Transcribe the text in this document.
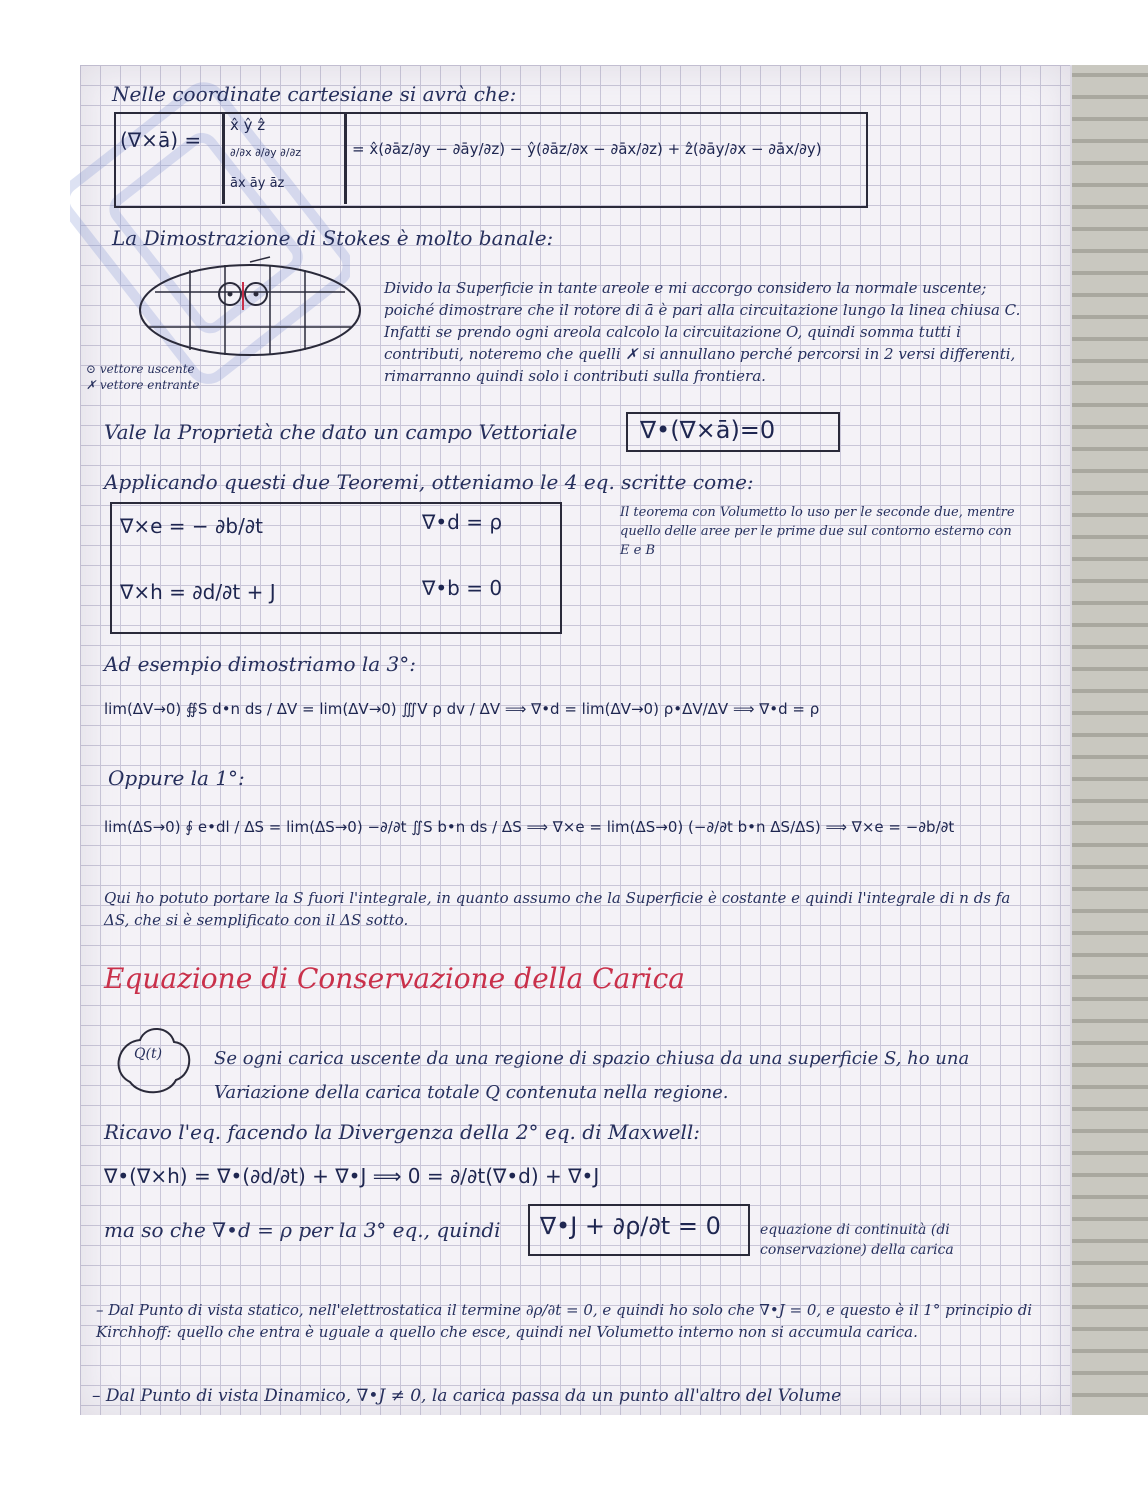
Nelle coordinate cartesiane si avrà che:

(∇×ā) =

x̂ ŷ ẑ

∂/∂x ∂/∂y ∂/∂z

āx āy āz

= x̂(∂āz/∂y − ∂āy/∂z) − ŷ(∂āz/∂x − ∂āx/∂z) + ẑ(∂āy/∂x − ∂āx/∂y)

La Dimostrazione di Stokes è molto banale:

⊙ vettore uscente

✗ vettore entrante

Divido la Superficie in tante areole e mi accorgo considero la normale uscente; poiché dimostrare che il rotore di ā è pari alla circuitazione lungo la linea chiusa C. Infatti se prendo ogni areola calcolo la circuitazione O, quindi somma tutti i contributi, noteremo che quelli ✗ si annullano perché percorsi in 2 versi differenti, rimarranno quindi solo i contributi sulla frontiera.

Vale la Proprietà che dato un campo Vettoriale	∇•(∇×ā)=0

Applicando questi due Teoremi, otteniamo le 4 eq. scritte come:

∇×e = − ∂b/∂t	∇•d = ρ

∇×h = ∂d/∂t + J	∇•b = 0

Il teorema con Volumetto lo uso per le seconde due, mentre quello delle aree per le prime due sul contorno esterno con E e B

Ad esempio dimostriamo la 3°:

lim(ΔV→0) ∯S d•n ds / ΔV = lim(ΔV→0) ∭V ρ dv / ΔV ⟹ ∇•d = lim(ΔV→0) ρ•ΔV/ΔV ⟹ ∇•d = ρ

Oppure la 1°:

lim(ΔS→0) ∮ e•dl / ΔS = lim(ΔS→0) −∂/∂t ∬S b•n ds / ΔS ⟹ ∇×e = lim(ΔS→0) (−∂/∂t b•n ΔS/ΔS) ⟹ ∇×e = −∂b/∂t

Qui ho potuto portare la S fuori l'integrale, in quanto assumo che la Superficie è costante e quindi l'integrale di n ds fa ΔS, che si è semplificato con il ΔS sotto.

Equazione di Conservazione della Carica

Q(t)	Se ogni carica uscente da una regione di spazio chiusa da una superficie S, ho una Variazione della carica totale Q contenuta nella regione.

Ricavo l'eq. facendo la Divergenza della 2° eq. di Maxwell:

∇•(∇×h) = ∇•(∂d/∂t) + ∇•J ⟹ 0 = ∂/∂t(∇•d) + ∇•J

ma so che ∇•d = ρ per la 3° eq., quindi ∇•J + ∂ρ/∂t = 0	equazione di continuità (di conservazione) della carica

– Dal Punto di vista statico, nell'elettrostatica il termine ∂ρ/∂t = 0, e quindi ho solo che ∇•J = 0, e questo è il 1° principio di Kirchhoff: quello che entra è uguale a quello che esce, quindi nel Volumetto interno non si accumula carica.

– Dal Punto di vista Dinamico, ∇•J ≠ 0, la carica passa da un punto all'altro del Volume
